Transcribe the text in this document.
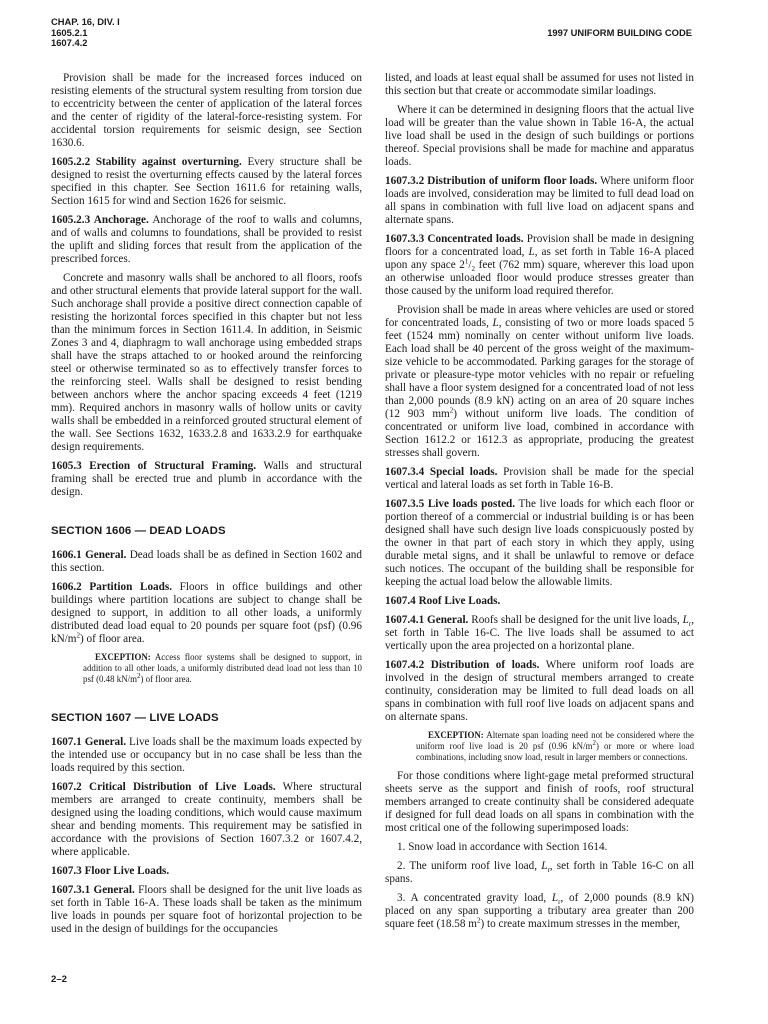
CHAP. 16, DIV. I
1605.2.1
1607.4.2
1997 UNIFORM BUILDING CODE

Provision shall be made for the increased forces induced on resisting elements of the structural system resulting from torsion due to eccentricity between the center of application of the lateral forces and the center of rigidity of the lateral-force-resisting system. For accidental torsion requirements for seismic design, see Section 1630.6.

1605.2.2 Stability against overturning. Every structure shall be designed to resist the overturning effects caused by the lateral forces specified in this chapter. See Section 1611.6 for retaining walls, Section 1615 for wind and Section 1626 for seismic.

1605.2.3 Anchorage. Anchorage of the roof to walls and columns, and of walls and columns to foundations, shall be provided to resist the uplift and sliding forces that result from the application of the prescribed forces.

Concrete and masonry walls shall be anchored to all floors, roofs and other structural elements that provide lateral support for the wall. Such anchorage shall provide a positive direct connection capable of resisting the horizontal forces specified in this chapter but not less than the minimum forces in Section 1611.4. In addition, in Seismic Zones 3 and 4, diaphragm to wall anchorage using embedded straps shall have the straps attached to or hooked around the reinforcing steel or otherwise terminated so as to effectively transfer forces to the reinforcing steel. Walls shall be designed to resist bending between anchors where the anchor spacing exceeds 4 feet (1219 mm). Required anchors in masonry walls of hollow units or cavity walls shall be embedded in a reinforced grouted structural element of the wall. See Sections 1632, 1633.2.8 and 1633.2.9 for earthquake design requirements.

1605.3 Erection of Structural Framing. Walls and structural framing shall be erected true and plumb in accordance with the design.

SECTION 1606 — DEAD LOADS

1606.1 General. Dead loads shall be as defined in Section 1602 and this section.

1606.2 Partition Loads. Floors in office buildings and other buildings where partition locations are subject to change shall be designed to support, in addition to all other loads, a uniformly distributed dead load equal to 20 pounds per square foot (psf) (0.96 $kN/m^2$) of floor area.

EXCEPTION: Access floor systems shall be designed to support, in addition to all other loads, a uniformly distributed dead load not less than 10 psf (0.48 $kN/m^2$) of floor area.

SECTION 1607 — LIVE LOADS

1607.1 General. Live loads shall be the maximum loads expected by the intended use or occupancy but in no case shall be less than the loads required by this section.

1607.2 Critical Distribution of Live Loads. Where structural members are arranged to create continuity, members shall be designed using the loading conditions, which would cause maximum shear and bending moments. This requirement may be satisfied in accordance with the provisions of Section 1607.3.2 or 1607.4.2, where applicable.

1607.3 Floor Live Loads.

1607.3.1 General. Floors shall be designed for the unit live loads as set forth in Table 16-A. These loads shall be taken as the minimum live loads in pounds per square foot of horizontal projection to be used in the design of buildings for the occupancies

listed, and loads at least equal shall be assumed for uses not listed in this section but that create or accommodate similar loadings.

Where it can be determined in designing floors that the actual live load will be greater than the value shown in Table 16-A, the actual live load shall be used in the design of such buildings or portions thereof. Special provisions shall be made for machine and apparatus loads.

1607.3.2 Distribution of uniform floor loads. Where uniform floor loads are involved, consideration may be limited to full dead load on all spans in combination with full live load on adjacent spans and alternate spans.

1607.3.3 Concentrated loads. Provision shall be made in designing floors for a concentrated load, L, as set forth in Table 16-A placed upon any space $2^1/_2$ feet (762 mm) square, wherever this load upon an otherwise unloaded floor would produce stresses greater than those caused by the uniform load required therefor.

Provision shall be made in areas where vehicles are used or stored for concentrated loads, L, consisting of two or more loads spaced 5 feet (1524 mm) nominally on center without uniform live loads. Each load shall be 40 percent of the gross weight of the maximum-size vehicle to be accommodated. Parking garages for the storage of private or pleasure-type motor vehicles with no repair or refueling shall have a floor system designed for a concentrated load of not less than 2,000 pounds (8.9 kN) acting on an area of 20 square inches (12 903 $mm^2$) without uniform live loads. The condition of concentrated or uniform live load, combined in accordance with Section 1612.2 or 1612.3 as appropriate, producing the greatest stresses shall govern.

1607.3.4 Special loads. Provision shall be made for the special vertical and lateral loads as set forth in Table 16-B.

1607.3.5 Live loads posted. The live loads for which each floor or portion thereof of a commercial or industrial building is or has been designed shall have such design live loads conspicuously posted by the owner in that part of each story in which they apply, using durable metal signs, and it shall be unlawful to remove or deface such notices. The occupant of the building shall be responsible for keeping the actual load below the allowable limits.

1607.4 Roof Live Loads.

1607.4.1 General. Roofs shall be designed for the unit live loads, $L_r$, set forth in Table 16-C. The live loads shall be assumed to act vertically upon the area projected on a horizontal plane.

1607.4.2 Distribution of loads. Where uniform roof loads are involved in the design of structural members arranged to create continuity, consideration may be limited to full dead loads on all spans in combination with full roof live loads on adjacent spans and on alternate spans.

EXCEPTION: Alternate span loading need not be considered where the uniform roof live load is 20 psf (0.96 $kN/m^2$) or more or where load combinations, including snow load, result in larger members or connections.

For those conditions where light-gage metal preformed structural sheets serve as the support and finish of roofs, roof structural members arranged to create continuity shall be considered adequate if designed for full dead loads on all spans in combination with the most critical one of the following superimposed loads:

1. Snow load in accordance with Section 1614.

2. The uniform roof live load, $L_r$, set forth in Table 16-C on all spans.

3. A concentrated gravity load, $L_r$, of 2,000 pounds (8.9 kN) placed on any span supporting a tributary area greater than 200 square feet (18.58 $m^2$) to create maximum stresses in the member,

2–2
